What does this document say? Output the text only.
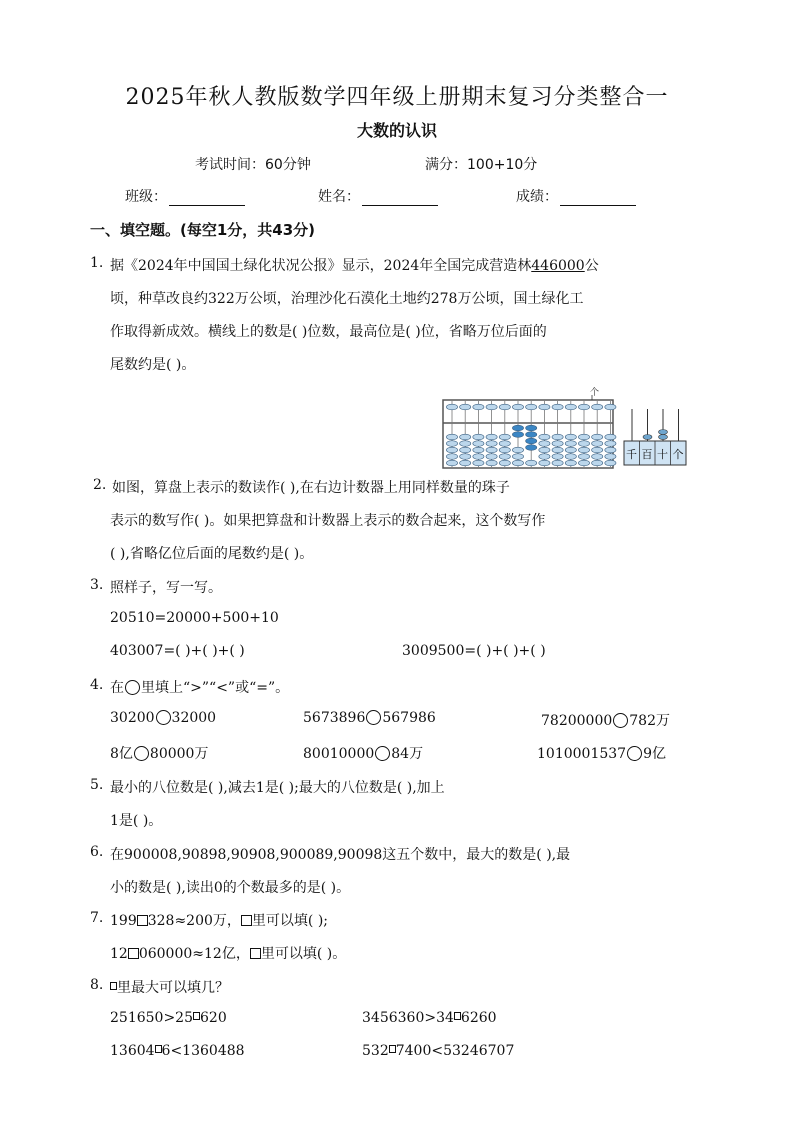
2025年秋人教版数学四年级上册期末复习分类整合一
大数的认识
考试时间：60分钟	满分：100+10分
班级：	姓名：	成绩：
一、填空题。(每空1分，共43分)
1. 据《2024年中国国土绿化状况公报》显示，2024年全国完成营造林446000公
顷，种草改良约322万公顷，治理沙化石漠化土地约278万公顷，国土绿化工
作取得新成效。横线上的数是( )位数，最高位是( )位，省略万位后面的
尾数约是( )。
个
千 百 十 个
2. 如图，算盘上表示的数读作( ),在右边计数器上用同样数量的珠子
表示的数写作( )。如果把算盘和计数器上表示的数合起来，这个数写作
( ),省略亿位后面的尾数约是( )。
3. 照样子，写一写。
20510=20000+500+10
403007=( )+( )+( )	3009500=( )+( )+( )
4. 在 里填上“>”“<”或“=”。
30200 32000	5673896 567986	78200000 782万
8亿 80000万	80010000 84万	1010001537 9亿
5. 最小的八位数是( ),减去1是( );最大的八位数是( ),加上
1是( )。
6. 在900008,90898,90908,900089,90098这五个数中，最大的数是( ),最
小的数是( ),读出0的个数最多的是( )。
7. 199 328≈200万， 里可以填( );
12 060000≈12亿， 里可以填( )。
8. 里最大可以填几？
251650>25 620	3456360>34 6260
13604 6<1360488	532 7400<53246707
